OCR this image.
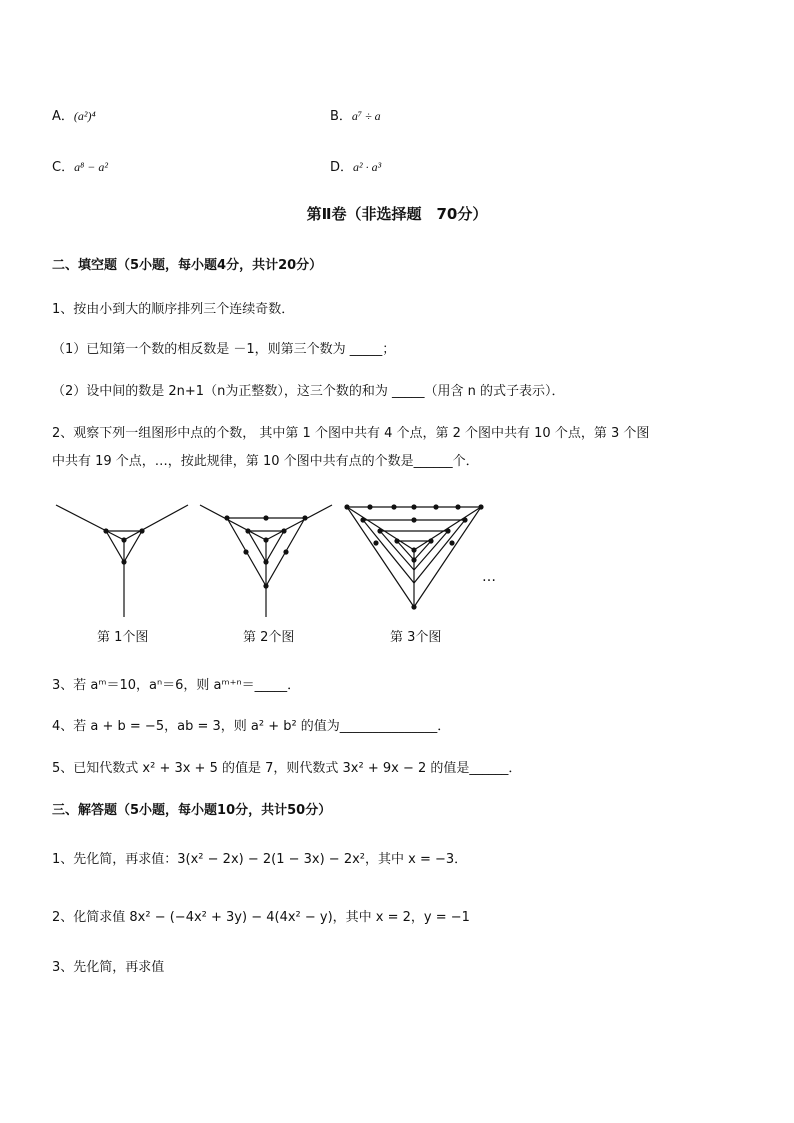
A．(a²)⁴	B．a⁷ ÷ a
C．a⁸ − a²	D．a² · a³
第Ⅱ卷（非选择题　70分）
二、填空题（5小题，每小题4分，共计20分）
1、按由小到大的顺序排列三个连续奇数．
（1）已知第一个数的相反数是 －1，则第三个数为 _____；
（2）设中间的数是 2n+1（n为正整数），这三个数的和为 _____（用含 n 的式子表示）．
2、观察下列一组图形中点的个数， 其中第 1 个图中共有 4 个点，第 2 个图中共有 10 个点，第 3 个图
中共有 19 个点，…，按此规律，第 10 个图中共有点的个数是______个．
…
第 1个图	第 2个图	第 3个图
3、若 aᵐ＝10，aⁿ＝6，则 aᵐ⁺ⁿ＝_____．
4、若 a + b = −5，ab = 3，则 a² + b² 的值为_______________．
5、已知代数式 x² + 3x + 5 的值是 7，则代数式 3x² + 9x − 2 的值是______．
三、解答题（5小题，每小题10分，共计50分）
1、先化简，再求值：3(x² − 2x) − 2(1 − 3x) − 2x²，其中 x = −3．
2、化简求值 8x² − (−4x² + 3y) − 4(4x² − y)，其中 x = 2，y = −1
3、先化简，再求值
